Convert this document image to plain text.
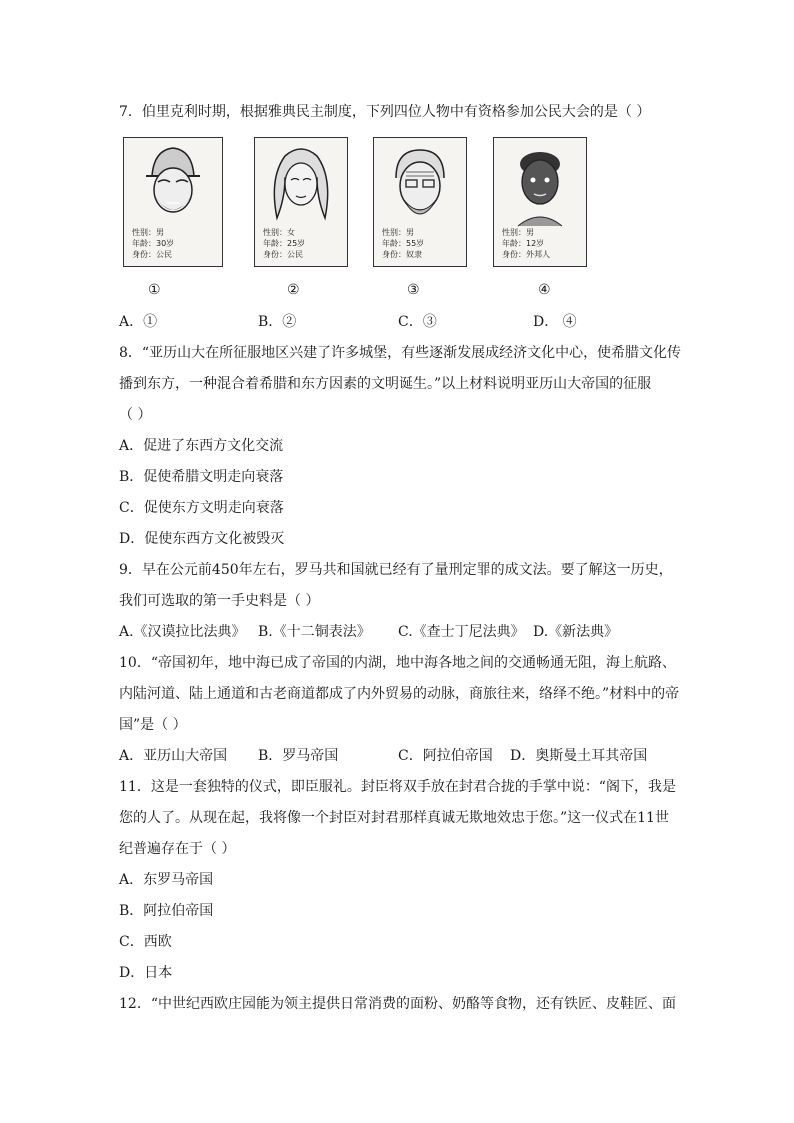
7．伯里克利时期，根据雅典民主制度，下列四位人物中有资格参加公民大会的是（ ）
性别：男
年龄：30岁
身份：公民
性别：女
年龄：25岁
身份：公民
性别：男
年龄：55岁
身份：奴隶
性别：男
年龄：12岁
身份：外邦人
①	②	③	④
A．①	B．②	C．③	D． ④
8．“亚历山大在所征服地区兴建了许多城堡，有些逐渐发展成经济文化中心，使希腊文化传
播到东方，一种混合着希腊和东方因素的文明诞生。”以上材料说明亚历山大帝国的征服
（ ）
A．促进了东西方文化交流
B．促使希腊文明走向衰落
C．促使东方文明走向衰落
D．促使东西方文化被毁灭
9．早在公元前450年左右，罗马共和国就已经有了量刑定罪的成文法。要了解这一历史，
我们可选取的第一手史料是（ ）
A.《汉谟拉比法典》 B.《十二铜表法》 C.《查士丁尼法典》 D.《新法典》
10．“帝国初年，地中海已成了帝国的内湖，地中海各地之间的交通畅通无阻，海上航路、
内陆河道、陆上通道和古老商道都成了内外贸易的动脉，商旅往来，络绎不绝。”材料中的帝
国”是（ ）
A．亚历山大帝国 B．罗马帝国	C．阿拉伯帝国 D．奥斯曼土耳其帝国
11．这是一套独特的仪式，即臣服礼。封臣将双手放在封君合拢的手掌中说：“阁下，我是
您的人了。从现在起，我将像一个封臣对封君那样真诚无欺地效忠于您。”这一仪式在11世
纪普遍存在于（ ）
A．东罗马帝国
B．阿拉伯帝国
C．西欧
D．日本
12．“中世纪西欧庄园能为领主提供日常消费的面粉、奶酪等食物，还有铁匠、皮鞋匠、面
